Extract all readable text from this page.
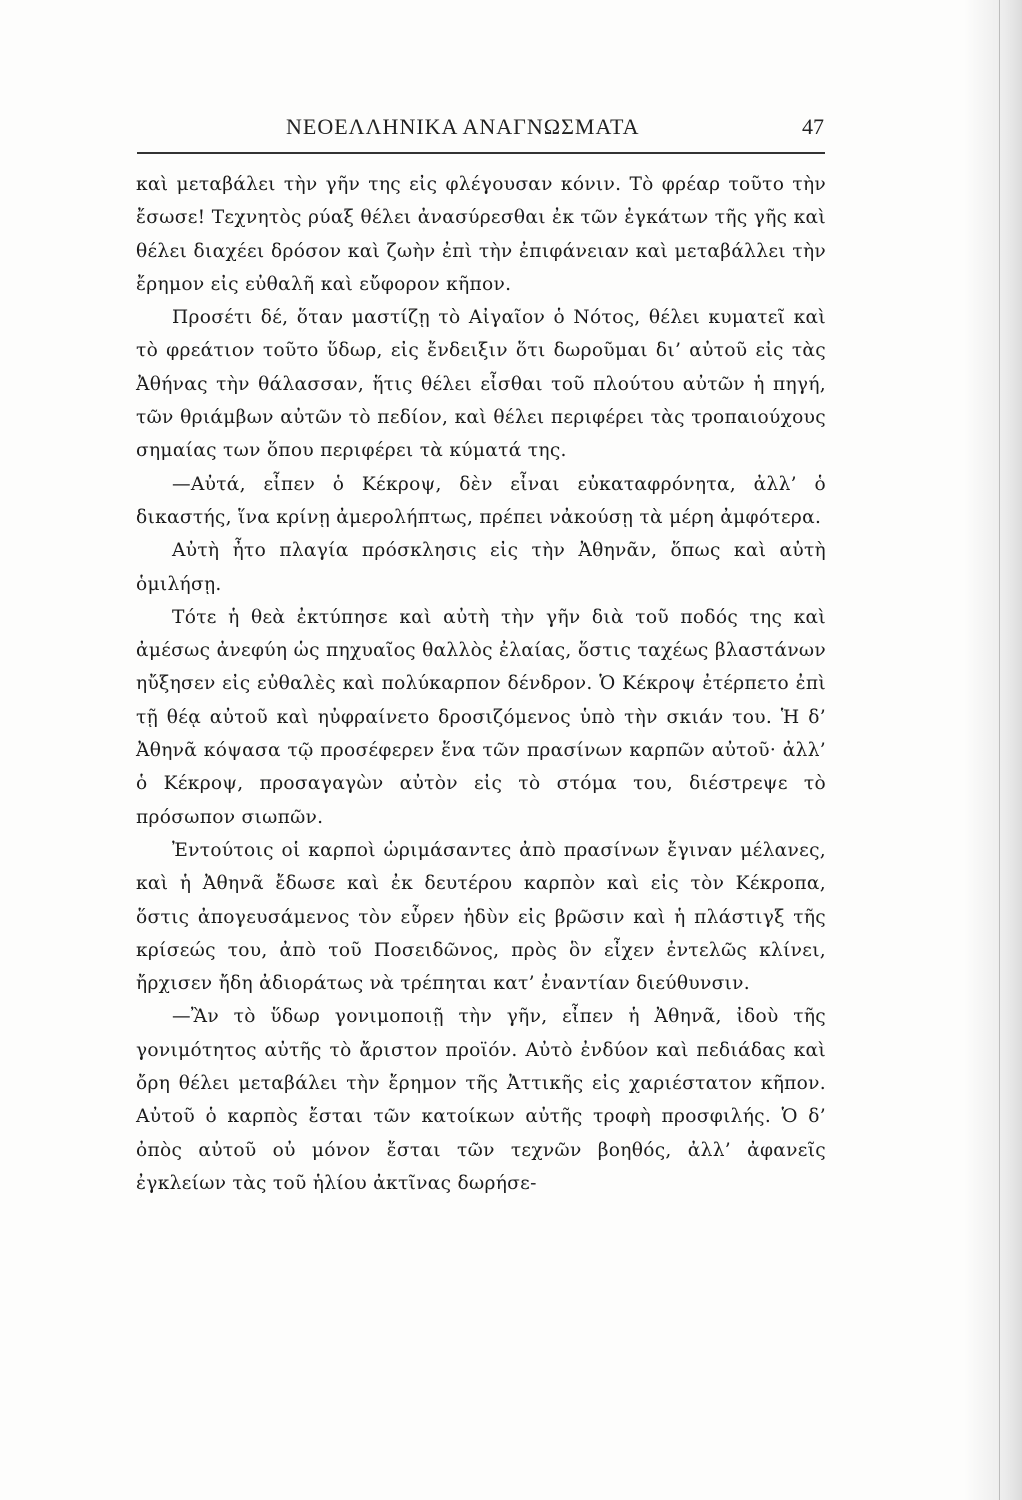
ΝΕΟΕΛΛΗΝΙΚΑ ΑΝΑΓΝΩΣΜΑΤΑ	47

καὶ μεταβάλει τὴν γῆν της εἰς φλέγουσαν κόνιν. Τὸ φρέαρ τοῦτο τὴν ἔσωσε! Τεχνητὸς ρύαξ θέλει ἀνασύρεσθαι ἐκ τῶν ἐγκάτων τῆς γῆς καὶ θέλει διαχέει δρόσον καὶ ζωὴν ἐπὶ τὴν ἐπιφάνειαν καὶ μεταβάλλει τὴν ἔρημον εἰς εὐθαλῆ καὶ εὔφορον κῆπον.

Προσέτι δέ, ὅταν μαστίζῃ τὸ Αἰγαῖον ὁ Νότος, θέλει κυματεῖ καὶ τὸ φρεάτιον τοῦτο ὕδωρ, εἰς ἔνδειξιν ὅτι δωροῦμαι δι’ αὐτοῦ εἰς τὰς Ἀθήνας τὴν θάλασσαν, ἥτις θέλει εἶσθαι τοῦ πλούτου αὐτῶν ἡ πηγή, τῶν θριάμβων αὐτῶν τὸ πεδίον, καὶ θέλει περιφέρει τὰς τροπαιούχους σημαίας των ὅπου περιφέρει τὰ κύματά της.

—Αὐτά, εἶπεν ὁ Κέκροψ, δὲν εἶναι εὐκαταφρόνητα, ἀλλ’ ὁ δικαστής, ἵνα κρίνῃ ἀμερολήπτως, πρέπει νἀκούσῃ τὰ μέρη ἀμφότερα.

Αὐτὴ ἦτο πλαγία πρόσκλησις εἰς τὴν Ἀθηνᾶν, ὅπως καὶ αὐτὴ ὁμιλήσῃ.

Τότε ἡ θεὰ ἐκτύπησε καὶ αὐτὴ τὴν γῆν διὰ τοῦ ποδός της καὶ ἀμέσως ἀνεφύη ὡς πηχυαῖος θαλλὸς ἐλαίας, ὅστις ταχέως βλαστάνων ηὔξησεν εἰς εὐθαλὲς καὶ πολύκαρπον δένδρον. Ὁ Κέκροψ ἐτέρπετο ἐπὶ τῇ θέᾳ αὐτοῦ καὶ ηὐφραίνετο δροσιζόμενος ὑπὸ τὴν σκιάν του. Ἡ δ’ Ἀθηνᾶ κόψασα τῷ προσέφερεν ἕνα τῶν πρασίνων καρπῶν αὐτοῦ· ἀλλ’ ὁ Κέκροψ, προσαγαγὼν αὐτὸν εἰς τὸ στόμα του, διέστρεψε τὸ πρόσωπον σιωπῶν.

Ἐντούτοις οἱ καρποὶ ὡριμάσαντες ἀπὸ πρασίνων ἔγιναν μέλανες, καὶ ἡ Ἀθηνᾶ ἔδωσε καὶ ἐκ δευτέρου καρπὸν καὶ εἰς τὸν Κέκροπα, ὅστις ἀπογευσάμενος τὸν εὗρεν ἡδὺν εἰς βρῶσιν καὶ ἡ πλάστιγξ τῆς κρίσεώς του, ἀπὸ τοῦ Ποσειδῶνος, πρὸς ὃν εἶχεν ἐντελῶς κλίνει, ἤρχισεν ἤδη ἀδιοράτως νὰ τρέπηται κατ’ ἐναντίαν διεύθυνσιν.

—Ἂν τὸ ὕδωρ γονιμοποιῇ τὴν γῆν, εἶπεν ἡ Ἀθηνᾶ, ἰδοὺ τῆς γονιμότητος αὐτῆς τὸ ἄριστον προϊόν. Αὐτὸ ἐνδύον καὶ πεδιάδας καὶ ὄρη θέλει μεταβάλει τὴν ἔρημον τῆς Ἀττικῆς εἰς χαριέστατον κῆπον. Αὐτοῦ ὁ καρπὸς ἔσται τῶν κατοίκων αὐτῆς τροφὴ προσφιλής. Ὁ δ’ ὀπὸς αὐτοῦ οὐ μόνον ἔσται τῶν τεχνῶν βοηθός, ἀλλ’ ἀφανεῖς ἐγκλείων τὰς τοῦ ἡλίου ἀκτῖνας δωρήσε-
